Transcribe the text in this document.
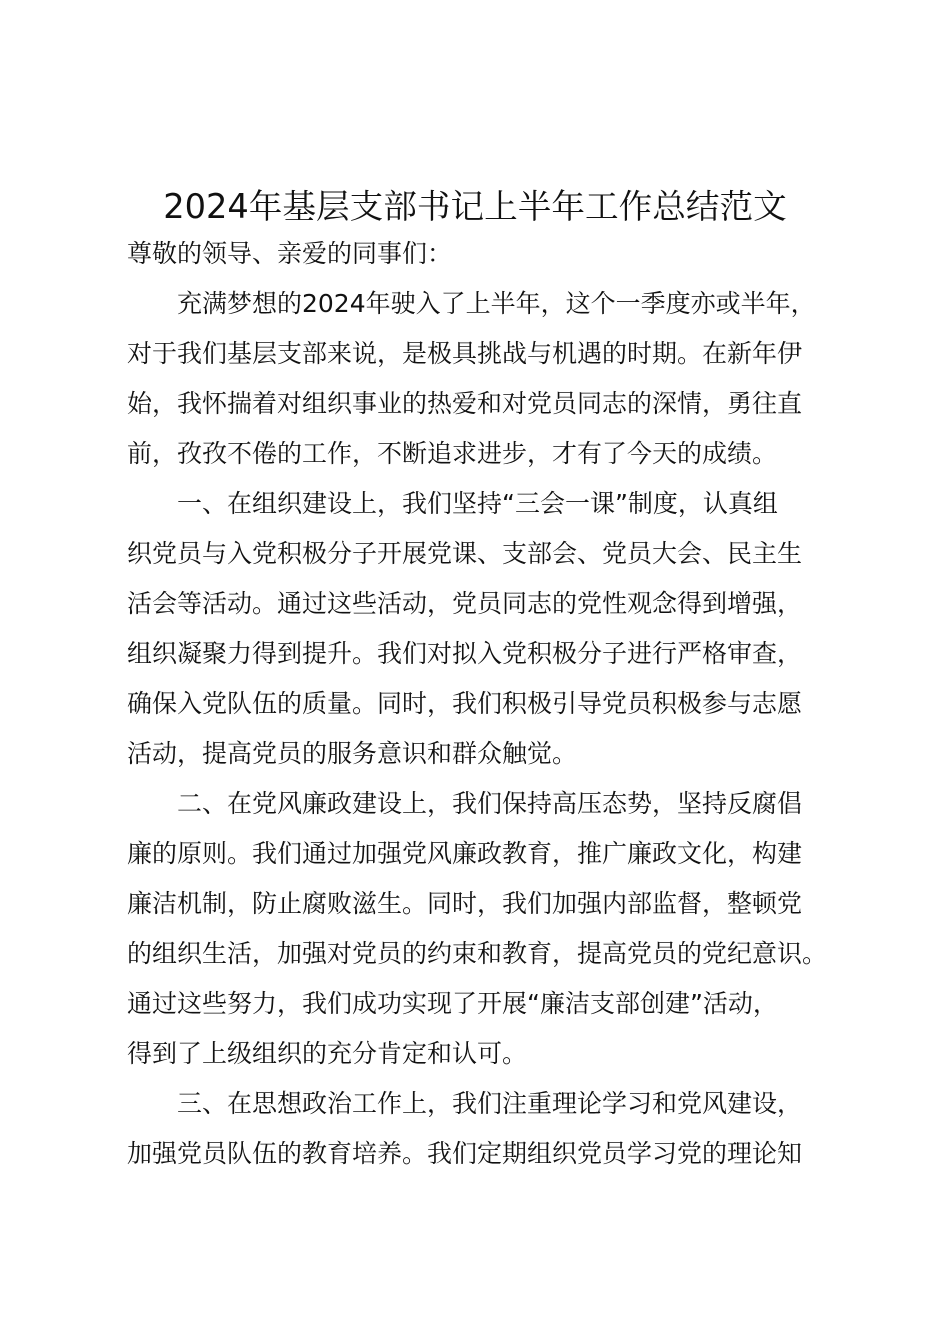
2024年基层支部书记上半年工作总结范文
尊敬的领导、亲爱的同事们：
充满梦想的2024年驶入了上半年，这个一季度亦或半年，
对于我们基层支部来说，是极具挑战与机遇的时期。在新年伊
始，我怀揣着对组织事业的热爱和对党员同志的深情，勇往直
前，孜孜不倦的工作，不断追求进步，才有了今天的成绩。
一、在组织建设上，我们坚持“三会一课”制度，认真组
织党员与入党积极分子开展党课、支部会、党员大会、民主生
活会等活动。通过这些活动，党员同志的党性观念得到增强，
组织凝聚力得到提升。我们对拟入党积极分子进行严格审查，
确保入党队伍的质量。同时，我们积极引导党员积极参与志愿
活动，提高党员的服务意识和群众触觉。
二、在党风廉政建设上，我们保持高压态势，坚持反腐倡
廉的原则。我们通过加强党风廉政教育，推广廉政文化，构建
廉洁机制，防止腐败滋生。同时，我们加强内部监督，整顿党
的组织生活，加强对党员的约束和教育，提高党员的党纪意识。
通过这些努力，我们成功实现了开展“廉洁支部创建”活动，
得到了上级组织的充分肯定和认可。
三、在思想政治工作上，我们注重理论学习和党风建设，
加强党员队伍的教育培养。我们定期组织党员学习党的理论知
